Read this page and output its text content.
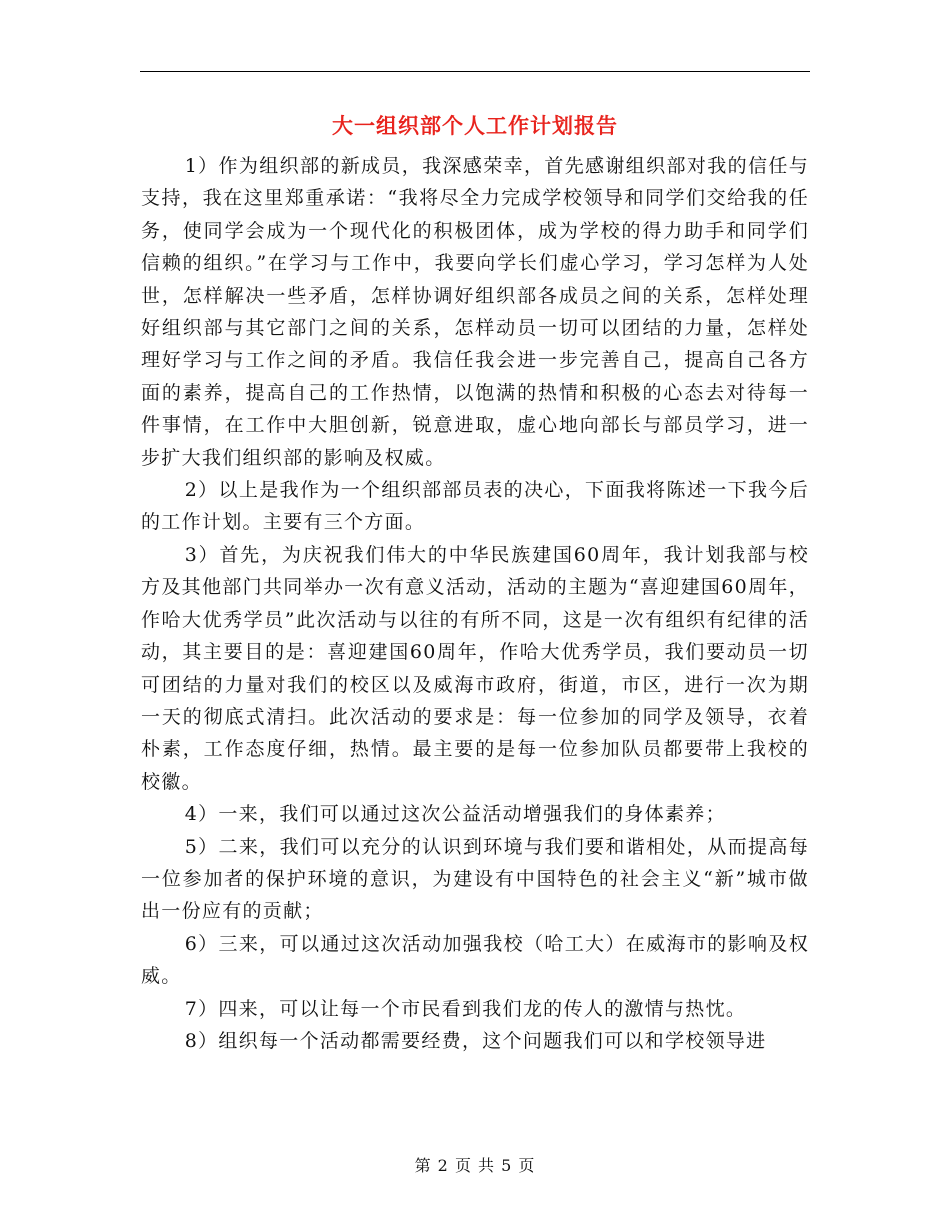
大一组织部个人工作计划报告

1）作为组织部的新成员，我深感荣幸，首先感谢组织部对我的信任与支持，我在这里郑重承诺：“我将尽全力完成学校领导和同学们交给我的任务，使同学会成为一个现代化的积极团体，成为学校的得力助手和同学们信赖的组织。”在学习与工作中，我要向学长们虚心学习，学习怎样为人处世，怎样解决一些矛盾，怎样协调好组织部各成员之间的关系，怎样处理好组织部与其它部门之间的关系，怎样动员一切可以团结的力量，怎样处理好学习与工作之间的矛盾。我信任我会进一步完善自己，提高自己各方面的素养，提高自己的工作热情，以饱满的热情和积极的心态去对待每一件事情，在工作中大胆创新，锐意进取，虚心地向部长与部员学习，进一步扩大我们组织部的影响及权威。

2）以上是我作为一个组织部部员表的决心，下面我将陈述一下我今后的工作计划。主要有三个方面。

3）首先，为庆祝我们伟大的中华民族建国60周年，我计划我部与校方及其他部门共同举办一次有意义活动，活动的主题为“喜迎建国60周年，作哈大优秀学员”此次活动与以往的有所不同，这是一次有组织有纪律的活动，其主要目的是：喜迎建国60周年，作哈大优秀学员，我们要动员一切可团结的力量对我们的校区以及威海市政府，街道，市区，进行一次为期一天的彻底式清扫。此次活动的要求是：每一位参加的同学及领导，衣着朴素，工作态度仔细，热情。最主要的是每一位参加队员都要带上我校的校徽。

4）一来，我们可以通过这次公益活动增强我们的身体素养；

5）二来，我们可以充分的认识到环境与我们要和谐相处，从而提高每一位参加者的保护环境的意识，为建设有中国特色的社会主义“新”城市做出一份应有的贡献；

6）三来，可以通过这次活动加强我校（哈工大）在威海市的影响及权威。

7）四来，可以让每一个市民看到我们龙的传人的激情与热忱。

8）组织每一个活动都需要经费，这个问题我们可以和学校领导进

第 2 页 共 5 页
